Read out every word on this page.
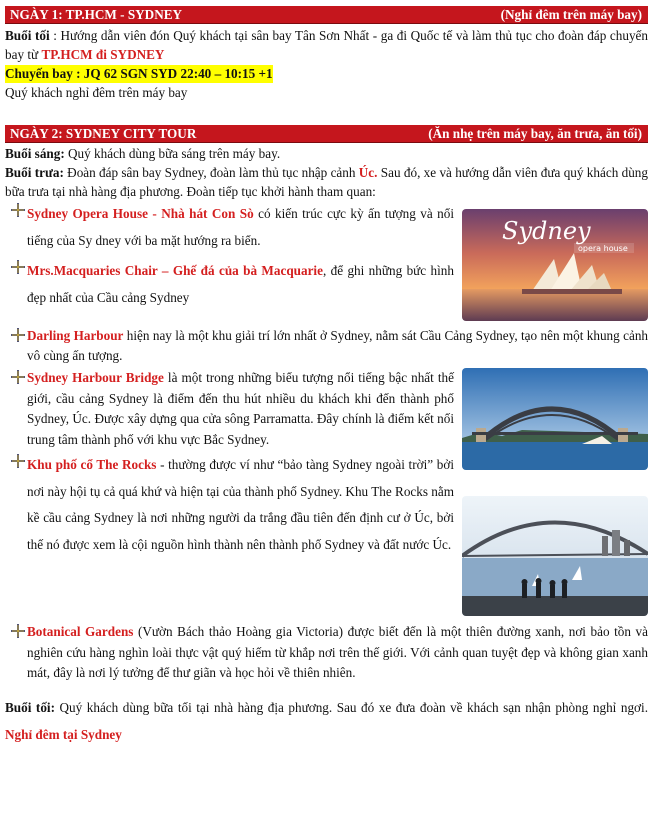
NGÀY 1: TP.HCM - SYDNEY	(Nghỉ đêm trên máy bay)

Buổi tối : Hướng dẫn viên đón Quý khách tại sân bay Tân Sơn Nhất - ga đi Quốc tế và làm thủ tục cho đoàn đáp chuyến bay từ TP.HCM đi SYDNEY

Chuyến bay : JQ 62 SGN SYD 22:40 – 10:15 +1

Quý khách nghỉ đêm trên máy bay

NGÀY 2: SYDNEY CITY TOUR	(Ăn nhẹ trên máy bay, ăn trưa, ăn tối)

Buổi sáng: Quý khách dùng bữa sáng trên máy bay.

Buổi trưa: Đoàn đáp sân bay Sydney, đoàn làm thủ tục nhập cảnh Úc. Sau đó, xe và hướng dẫn viên đưa quý khách dùng bữa trưa tại nhà hàng địa phương. Đoàn tiếp tục khởi hành tham quan:

Sydney Opera House - Nhà hát Con Sò có kiến trúc cực kỳ ấn tượng và nổi tiếng của Sy dney với ba mặt hướng ra biển.
Mrs.Macquaries Chair – Ghế đá của bà Macquarie, để ghi những bức hình đẹp nhất của Cầu cảng Sydney
Sydney
opera house
Darling Harbour hiện nay là một khu giải trí lớn nhất ở Sydney, nằm sát Cầu Cảng Sydney, tạo nên một khung cảnh vô cùng ấn tượng.
Sydney Harbour Bridge là một trong những biểu tượng nổi tiếng bậc nhất thế giới, cầu cảng Sydney là điểm đến thu hút nhiều du khách khi đến thành phố Sydney, Úc. Được xây dựng qua cửa sông Parramatta. Đây chính là điểm kết nối trung tâm thành phố với khu vực Bắc Sydney.
Khu phố cổ The Rocks - thường được ví như “bảo tàng Sydney ngoài trời” bởi nơi này hội tụ cả quá khứ và hiện tại của thành phố Sydney. Khu The Rocks nằm kề cầu cảng Sydney là nơi những người da trắng đầu tiên đến định cư ở Úc, bởi thế nó được xem là cội nguồn hình thành nên thành phố Sydney và đất nước Úc.
Botanical Gardens (Vườn Bách thảo Hoàng gia Victoria) được biết đến là một thiên đường xanh, nơi bảo tồn và nghiên cứu hàng nghìn loài thực vật quý hiếm từ khắp nơi trên thế giới. Với cảnh quan tuyệt đẹp và không gian xanh mát, đây là nơi lý tưởng để thư giãn và học hỏi về thiên nhiên.

Buổi tối: Quý khách dùng bữa tối tại nhà hàng địa phương. Sau đó xe đưa đoàn về khách sạn nhận phòng nghỉ ngơi. Nghỉ đêm tại Sydney
